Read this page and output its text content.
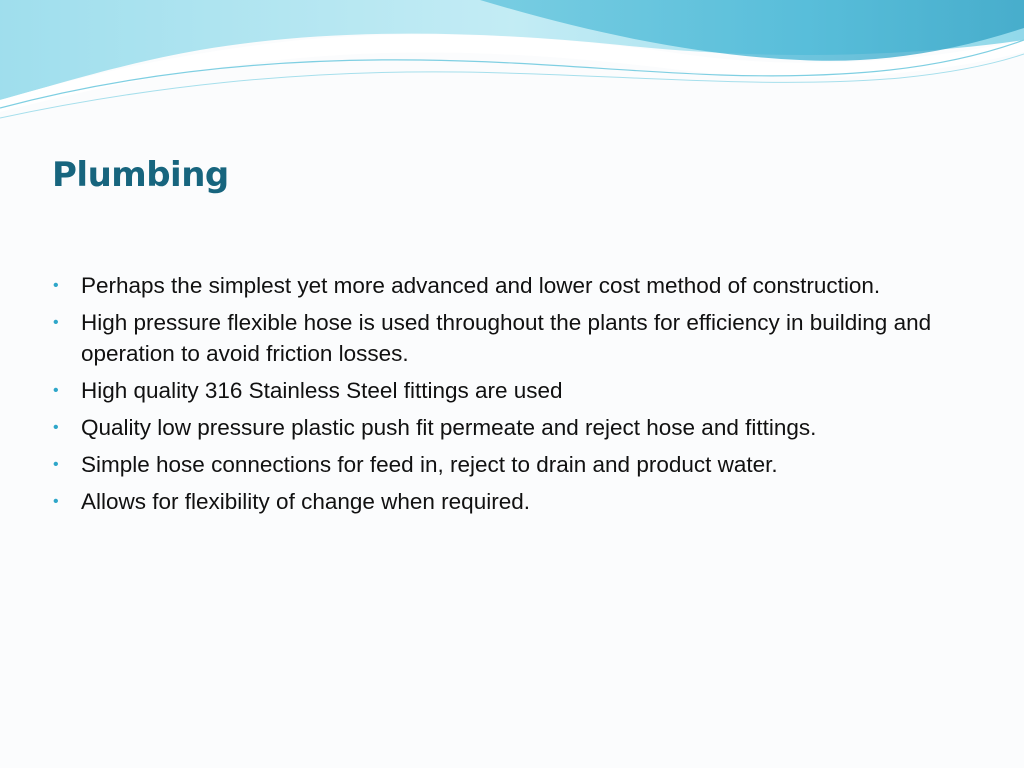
Plumbing
• Perhaps the simplest yet more advanced and lower cost method of construction.
• High pressure flexible hose is used throughout the plants for efficiency in building and operation to avoid friction losses.
• High quality 316 Stainless Steel fittings are used
• Quality low pressure plastic push fit permeate and reject hose and fittings.
• Simple hose connections for feed in, reject to drain and product water.
• Allows for flexibility of change when required.
